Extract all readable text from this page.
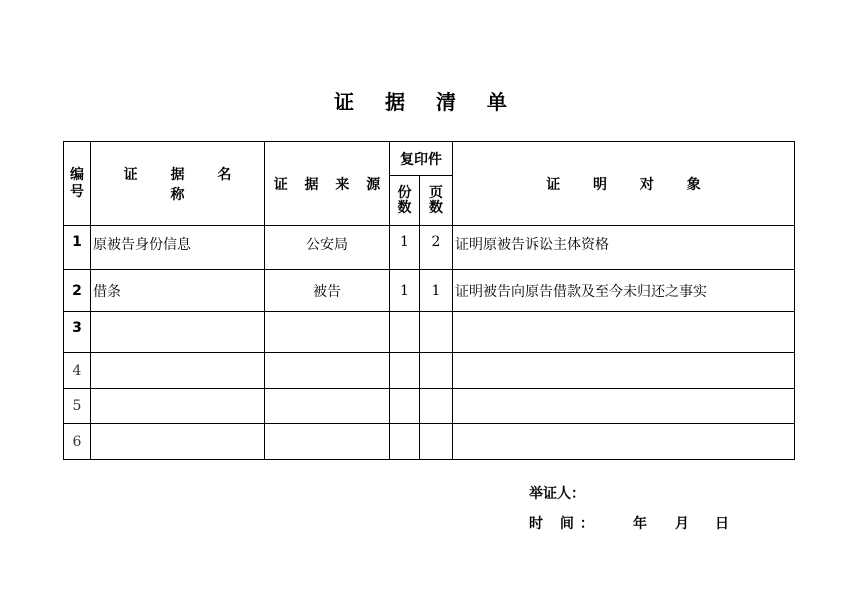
证 据 清 单
编号	证 据 名 称	证 据 来 源	复印件		证 明 对 象
			份数	页数	
1	原被告身份信息	公安局	1	2	证明原被告诉讼主体资格
2	借条	被告	1	1	证明被告向原告借款及至今未归还之事实
3					
4					
5					
6					
举证人：
时 间： 年 月 日
